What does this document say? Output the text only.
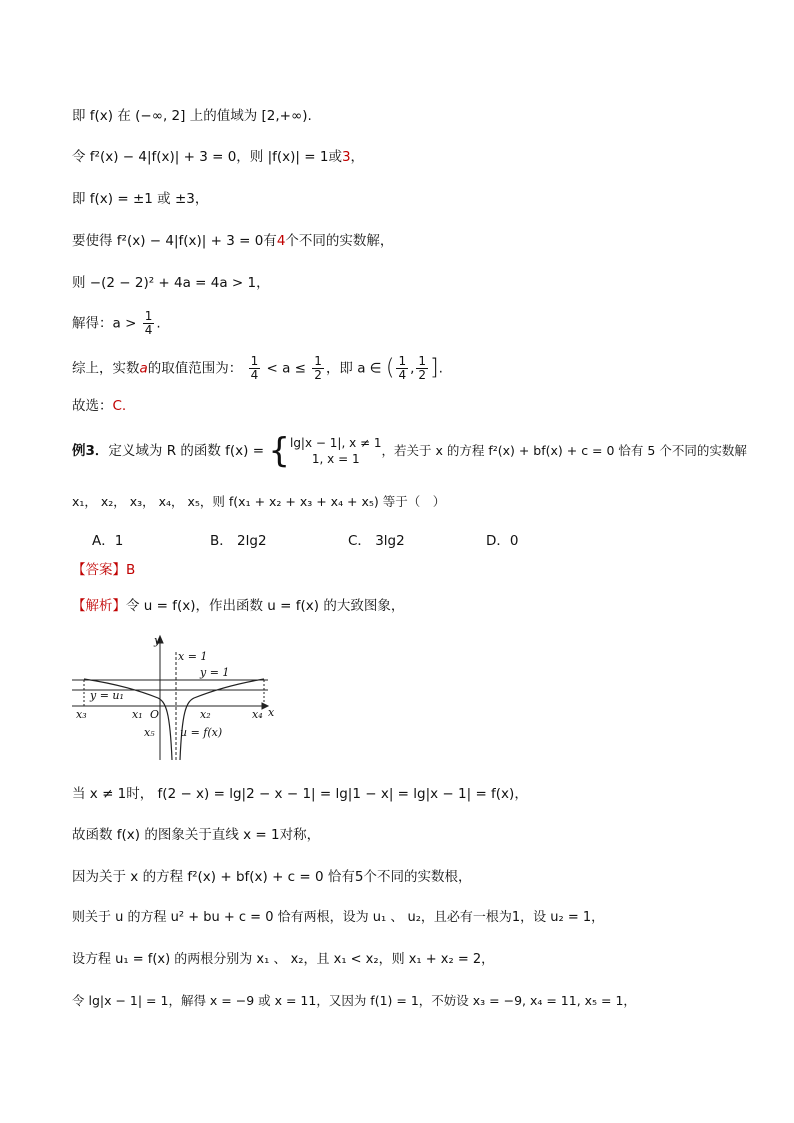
即 f(x) 在 (−∞, 2] 上的值域为 [2,+∞).
令 f²(x) − 4|f(x)| + 3 = 0，则 |f(x)| = 1或3，
即 f(x) = ±1 或 ±3，
要使得 f²(x) − 4|f(x)| + 3 = 0有4个不同的实数解，
则 −(2 − 2)² + 4a = 4a > 1，
解得：$a > \frac{1}{4}$ .
综上，实数a的取值范围为： $\frac{1}{4} < a \le \frac{1}{2}$ ，即 a ∈ ( $\frac{1}{4}$ , $\frac{1}{2}$ ].
故选：C.
例3．定义域为 R 的函数 f(x) = { lg|x − 1|, x ≠ 1
1, x = 1
，若关于 x 的方程 f²(x) + bf(x) + c = 0 恰有 5 个不同的实数解
x₁， x₂， x₃， x₄， x₅，则 f(x₁ + x₂ + x₃ + x₄ + x₅) 等于（　）
A．1	B． 2lg2	C． 3lg2	D．0
【答案】B
【解析】令 u = f(x)，作出函数 u = f(x) 的大致图象，
y
x
O
x = 1
y = 1
y = u₁
u = f(x)
x₃	x₁	x₂	x₄
x₅
当 x ≠ 1时， f(2 − x) = lg|2 − x − 1| = lg|1 − x| = lg|x − 1| = f(x)，
故函数 f(x) 的图象关于直线 x = 1对称，
因为关于 x 的方程 f²(x) + bf(x) + c = 0 恰有5个不同的实数根，
则关于 u 的方程 u² + bu + c = 0 恰有两根，设为 u₁ 、 u₂，且必有一根为1，设 u₂ = 1，
设方程 u₁ = f(x) 的两根分别为 x₁ 、 x₂，且 x₁ < x₂，则 x₁ + x₂ = 2，
令 lg|x − 1| = 1，解得 x = −9 或 x = 11，又因为 f(1) = 1，不妨设 x₃ = −9, x₄ = 11, x₅ = 1，
